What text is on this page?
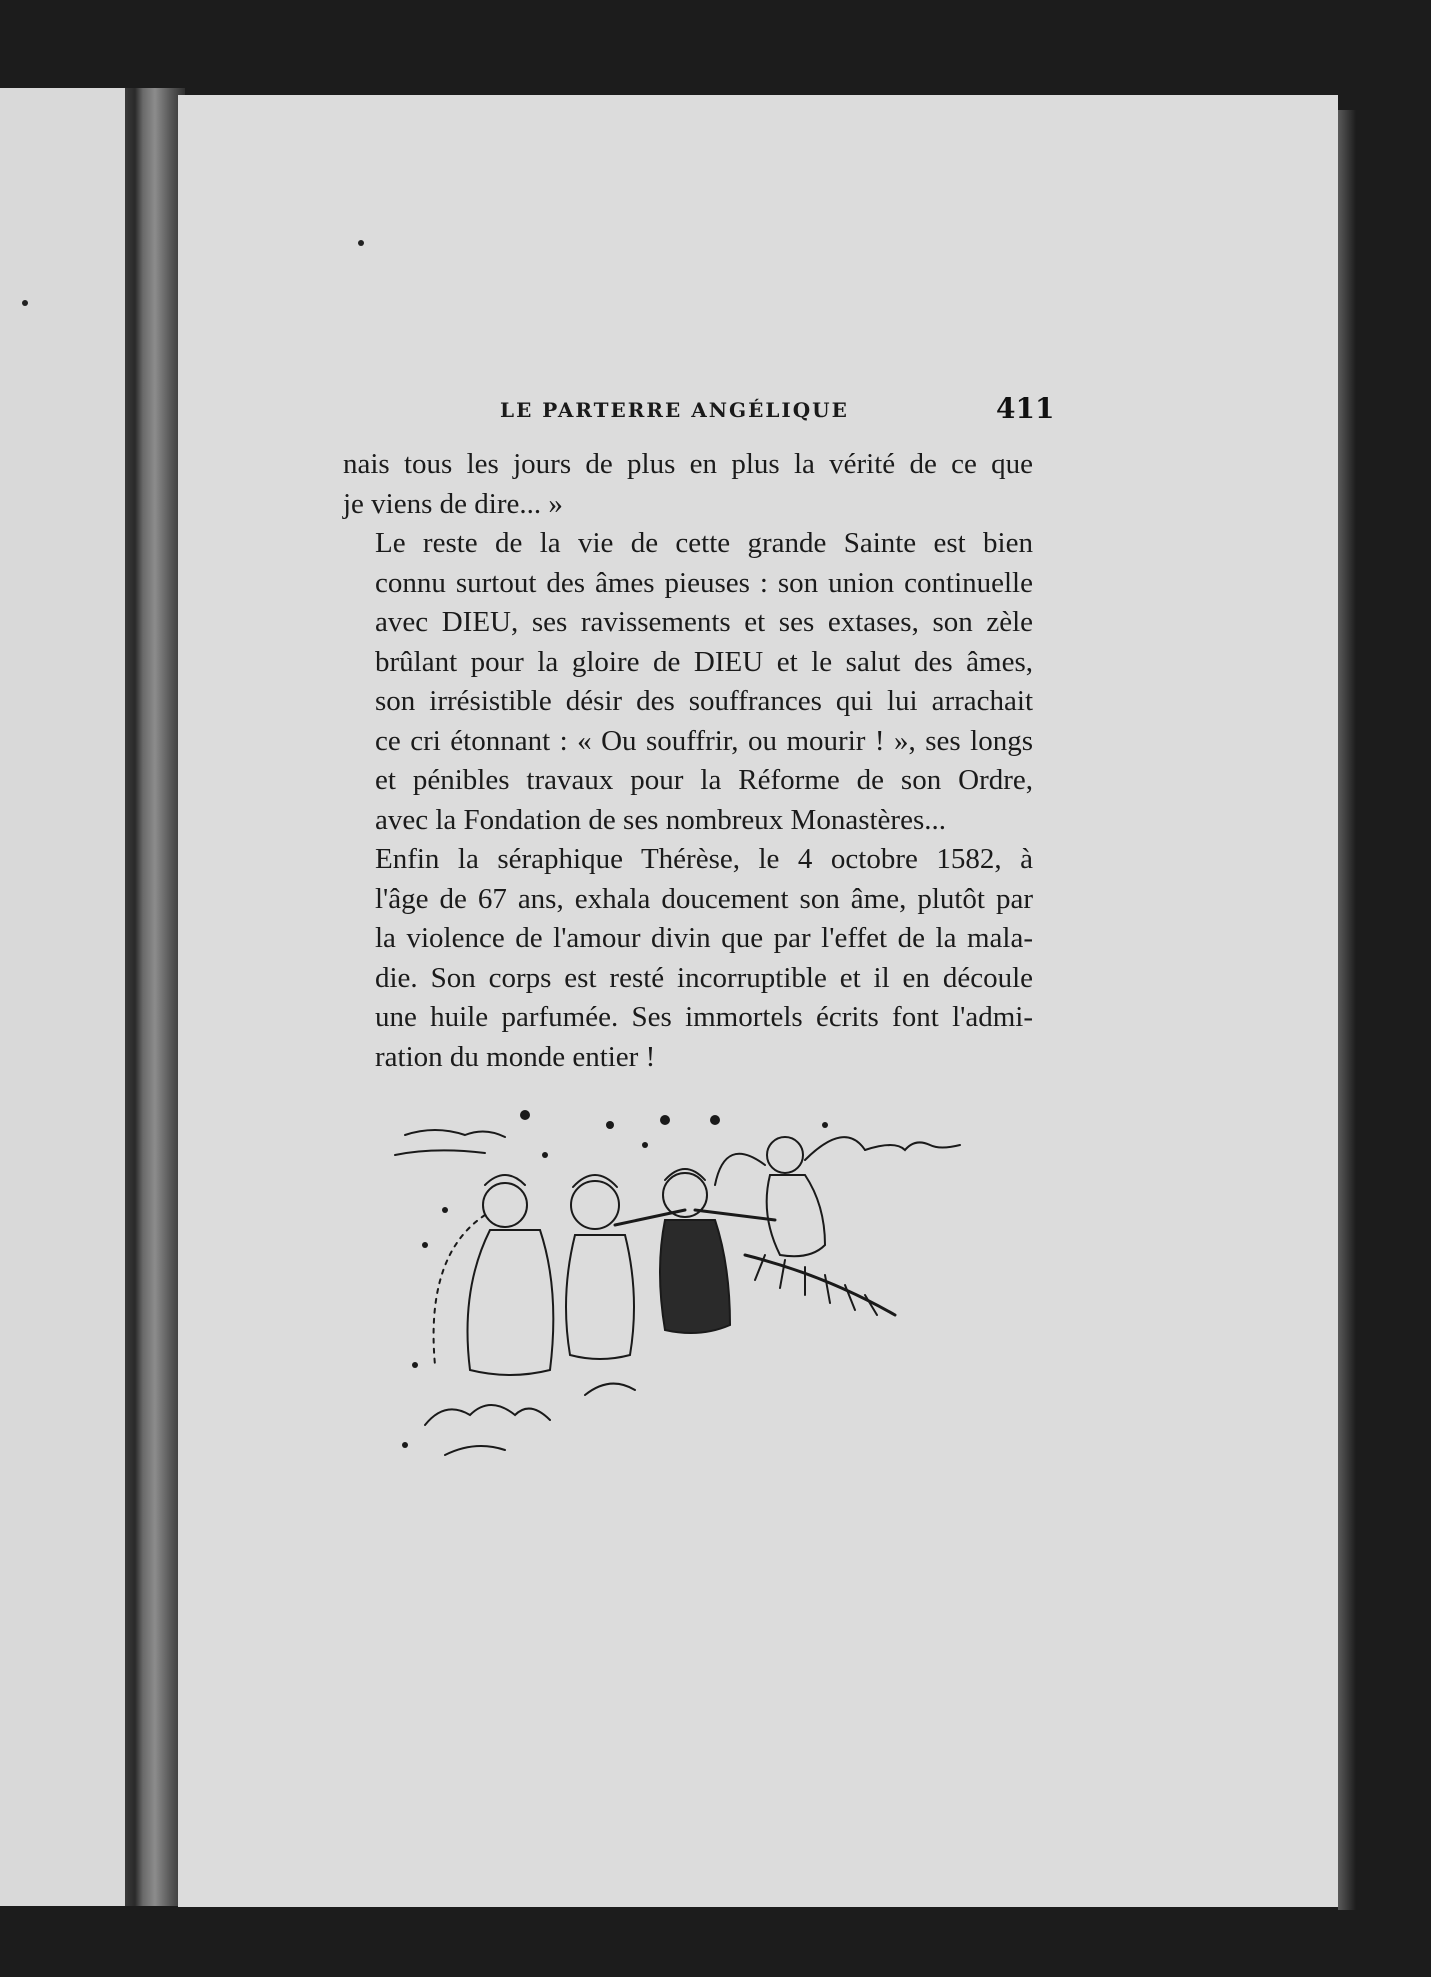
LE PARTERRE ANGÉLIQUE	411

nais tous les jours de plus en plus la vérité de ce que
je viens de dire... »

Le reste de la vie de cette grande Sainte est bien
connu surtout des âmes pieuses : son union continuelle
avec DIEU, ses ravissements et ses extases, son zèle
brûlant pour la gloire de DIEU et le salut des âmes,
son irrésistible désir des souffrances qui lui arrachait
ce cri étonnant : « Ou souffrir, ou mourir ! », ses longs
et pénibles travaux pour la Réforme de son Ordre,
avec la Fondation de ses nombreux Monastères...

Enfin la séraphique Thérèse, le 4 octobre 1582, à
l'âge de 67 ans, exhala doucement son âme, plutôt par
la violence de l'amour divin que par l'effet de la mala-
die. Son corps est resté incorruptible et il en découle
une huile parfumée. Ses immortels écrits font l'admi-
ration du monde entier !
